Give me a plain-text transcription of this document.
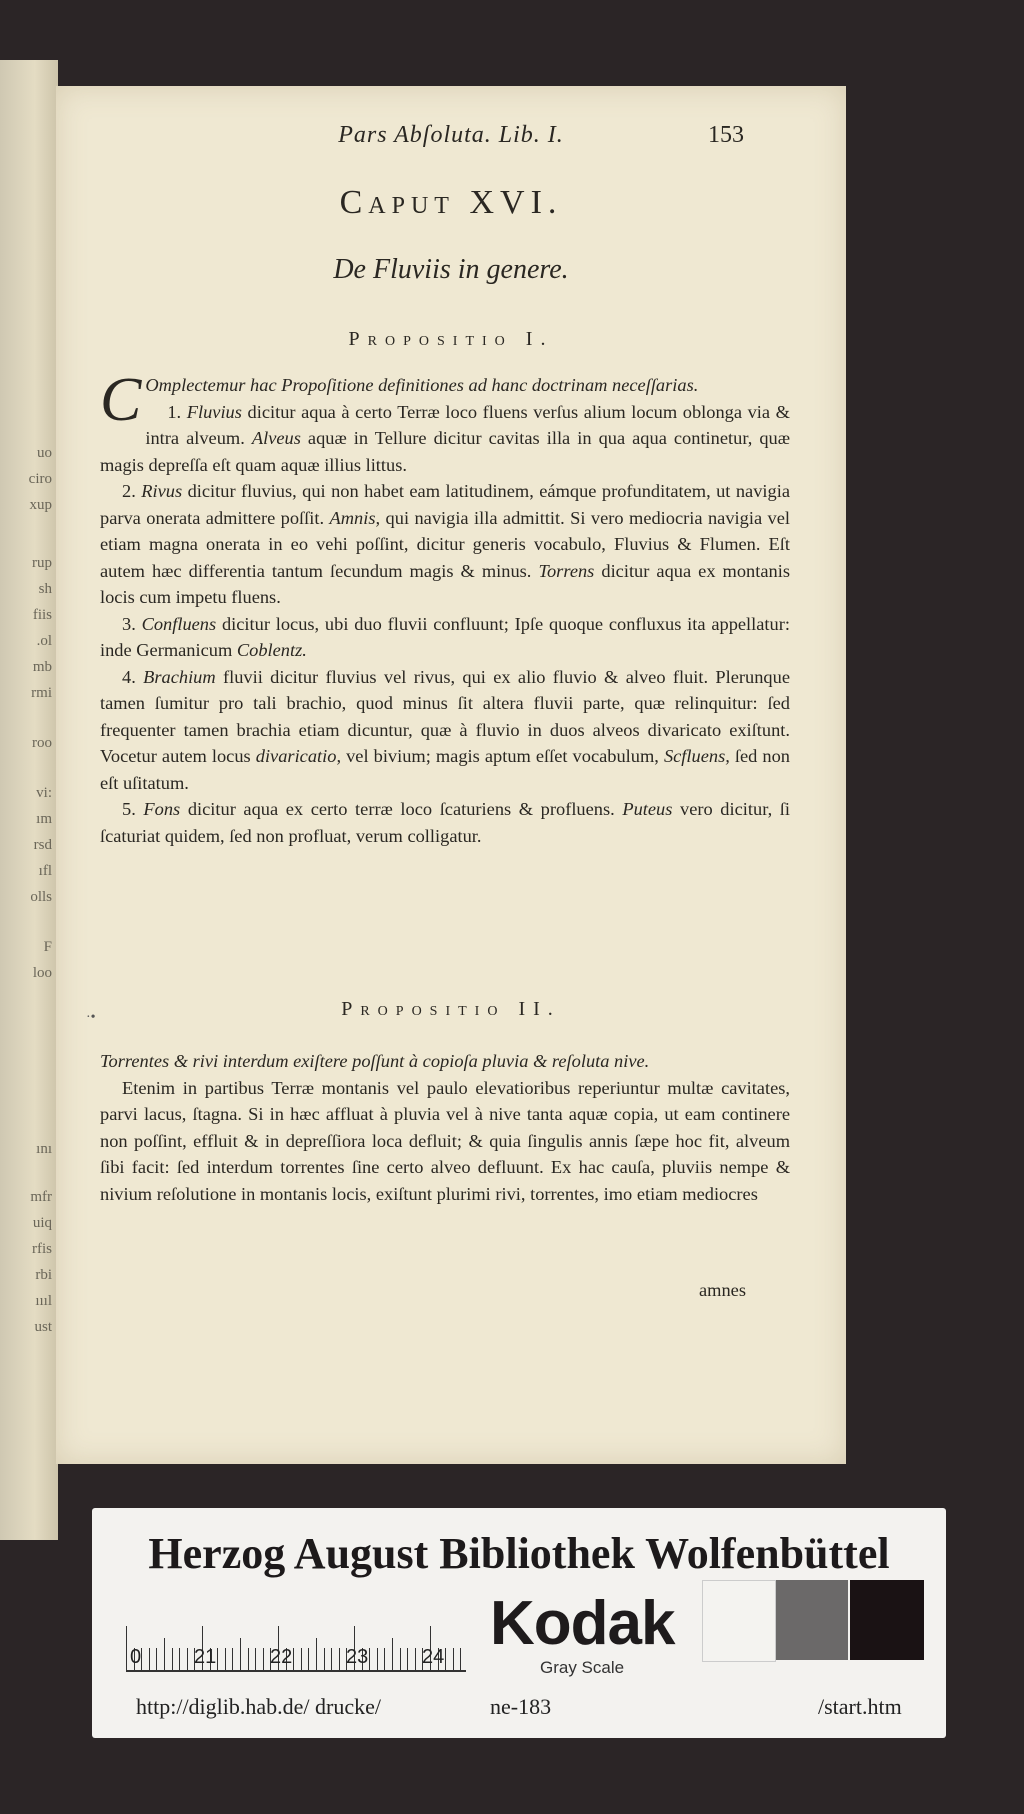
uo
ciro
xup
rup
sh
fiis
.ol
mb
rmi
roo
vi:
ım
rsd
ıfl
olls
F
loo
ını
mfr
uiq
rfis
rbi
ıııl
ust
Pars Abſoluta. Lib. I.	153
Caput XVI.
De Fluviis in genere.
Propositio I.

C Omplectemur hac Propoſitione definitiones ad hanc doctrinam neceſſarias.

1. Fluvius dicitur aqua à certo Terræ loco fluens verſus alium locum oblonga via & intra alveum. Alveus aquæ in Tellure dicitur cavitas illa in qua aqua continetur, quæ magis depreſſa eſt quam aquæ illius littus.

2. Rivus dicitur fluvius, qui non habet eam latitudinem, eámque profunditatem, ut navigia parva onerata admittere poſſit. Amnis, qui navigia illa admittit. Si vero mediocria navigia vel etiam magna onerata in eo vehi poſſint, dicitur generis vocabulo, Fluvius & Flumen. Eſt autem hæc differentia tantum ſecundum magis & minus. Torrens dicitur aqua ex montanis locis cum impetu fluens.

3. Confluens dicitur locus, ubi duo fluvii confluunt; Ipſe quoque confluxus ita appellatur: inde Germanicum Coblentz.

4. Brachium fluvii dicitur fluvius vel rivus, qui ex alio fluvio & alveo fluit. Plerunque tamen ſumitur pro tali brachio, quod minus ſit altera fluvii parte, quæ relinquitur: ſed frequenter tamen brachia etiam dicuntur, quæ à fluvio in duos alveos divaricato exiſtunt. Vocetur autem locus divaricatio, vel bivium; magis aptum eſſet vocabulum, Scfluens, ſed non eſt uſitatum.

5. Fons dicitur aqua ex certo terræ loco ſcaturiens & profluens. Puteus vero dicitur, ſi ſcaturiat quidem, ſed non profluat, verum colligatur.

·•	Propositio II.

Torrentes & rivi interdum exiſtere poſſunt à copioſa pluvia & reſoluta nive.

Etenim in partibus Terræ montanis vel paulo elevatioribus reperiuntur multæ cavitates, parvi lacus, ſtagna. Si in hæc affluat à pluvia vel à nive tanta aquæ copia, ut eam continere non poſſint, effluit & in depreſſiora loca defluit; & quia ſingulis annis ſæpe hoc fit, alveum ſibi facit: ſed interdum torrentes ſine certo alveo defluunt. Ex hac cauſa, pluviis nempe & nivium reſolutione in montanis locis, exiſtunt plurimi rivi, torrentes, imo etiam mediocres

amnes
Herzog August Bibliothek Wolfenbüttel
0	21	22	23	24 Kodak
Gray Scale
http://diglib.hab.de/ drucke/	ne-183	/start.htm
